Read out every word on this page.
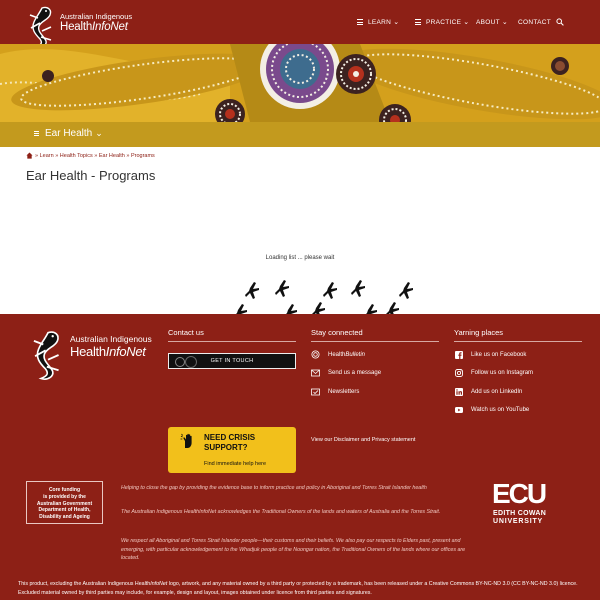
Australian Indigenous
HealthInfoNet	LEARN ⌄	PRACTICE ⌄ ABOUT ⌄ CONTACT
Ear Health ⌄
»
Learn
»
Health Topics
»
Ear Health
»
Programs
Ear Health - Programs
Loading list ... please wait
Australian Indigenous
HealthInfoNet
Contact us
GET IN TOUCH
Stay connected
Health Bulletin
Send us a message
Newsletters
Yarning places
Like us on Facebook
Follow us on Instagram
Add us on LinkedIn
Watch us on YouTube
NEED CRISIS SUPPORT?
Find immediate help here
View our Disclaimer and Privacy statement
Core funding
is provided by the
Australian Government
Department of Health,
Disability and Ageing
Helping to close the gap by providing the evidence base to inform practice and policy in Aboriginal and Torres Strait Islander health
The Australian Indigenous HealthInfoNet acknowledges the Traditional Owners of the lands and waters of Australia and the Torres Strait.
We respect all Aboriginal and Torres Strait Islander people—their customs and their beliefs. We also pay our respects to Elders past, present and emerging, with particular acknowledgement to the Whadjuk people of the Noongar nation, the Traditional Owners of the lands where our offices are located.
ECU
EDITH COWAN
UNIVERSITY
This product, excluding the Australian Indigenous HealthInfoNet logo, artwork, and any material owned by a third party or protected by a trademark, has been released under a Creative Commons BY-NC-ND 3.0 (CC BY-NC-ND 3.0) licence. Excluded material owned by third parties may include, for example, design and layout, images obtained under licence from third parties and signatures.
